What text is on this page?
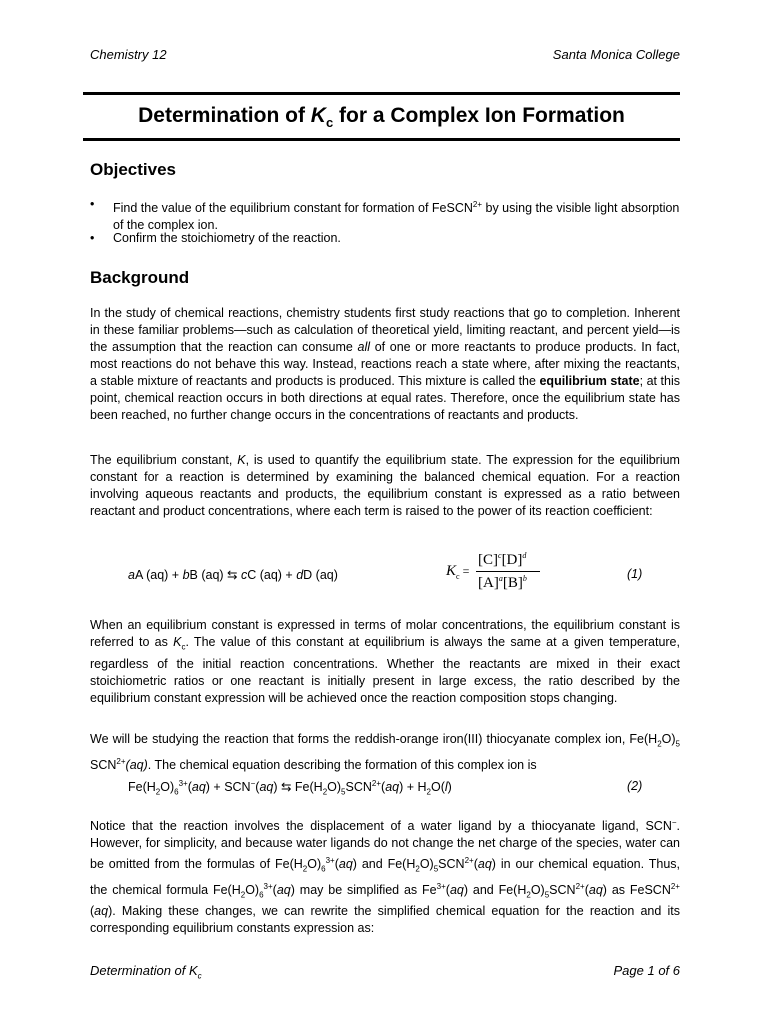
Chemistry 12	Santa Monica College
Determination of $K_c$ for a Complex Ion Formation
Objectives
• Find the value of the equilibrium constant for formation of FeSCN$^{2+}$ by using the visible light absorption of the complex ion.
• Confirm the stoichiometry of the reaction.
Background
In the study of chemical reactions, chemistry students first study reactions that go to completion. Inherent in these familiar problems—such as calculation of theoretical yield, limiting reactant, and percent yield—is the assumption that the reaction can consume all of one or more reactants to produce products. In fact, most reactions do not behave this way. Instead, reactions reach a state where, after mixing the reactants, a stable mixture of reactants and products is produced. This mixture is called the equilibrium state; at this point, chemical reaction occurs in both directions at equal rates. Therefore, once the equilibrium state has been reached, no further change occurs in the concentrations of reactants and products.
The equilibrium constant, K, is used to quantify the equilibrium state. The expression for the equilibrium constant for a reaction is determined by examining the balanced chemical equation. For a reaction involving aqueous reactants and products, the equilibrium constant is expressed as a ratio between reactant and product concentrations, where each term is raised to the power of its reaction coefficient:
aA (aq) + bB (aq) ⇆ cC (aq) + dD (aq)	$K_c$ =
$[C]^c[D]^d$
$[A]^a[B]^b$	(1)
When an equilibrium constant is expressed in terms of molar concentrations, the equilibrium constant is referred to as $K_c$. The value of this constant at equilibrium is always the same at a given temperature, regardless of the initial reaction concentrations. Whether the reactants are mixed in their exact stoichiometric ratios or one reactant is initially present in large excess, the ratio described by the equilibrium constant expression will be achieved once the reaction composition stops changing.
We will be studying the reaction that forms the reddish-orange iron(III) thiocyanate complex ion, $Fe(H_2O)_5$ $SCN^{2+}(aq)$. The chemical equation describing the formation of this complex ion is
$Fe(H_2O)_6^{3+}(aq) + SCN^-(aq)$ ⇆ $Fe(H_2O)_5SCN^{2+}(aq) + H_2O(l)$	(2)
Notice that the reaction involves the displacement of a water ligand by a thiocyanate ligand, SCN−. However, for simplicity, and because water ligands do not change the net charge of the species, water can be omitted from the formulas of $Fe(H_2O)_6^{3+}(aq)$ and $Fe(H_2O)_5SCN^{2+}(aq)$ in our chemical equation. Thus, the chemical formula $Fe(H_2O)_6^{3+}(aq)$ may be simplified as $Fe^{3+}(aq)$ and $Fe(H_2O)_5SCN^{2+}(aq)$ as FeSCN$^{2+}$(aq). Making these changes, we can rewrite the simplified chemical equation for the reaction and its corresponding equilibrium constants expression as:
Determination of $K_c$	Page 1 of 6
